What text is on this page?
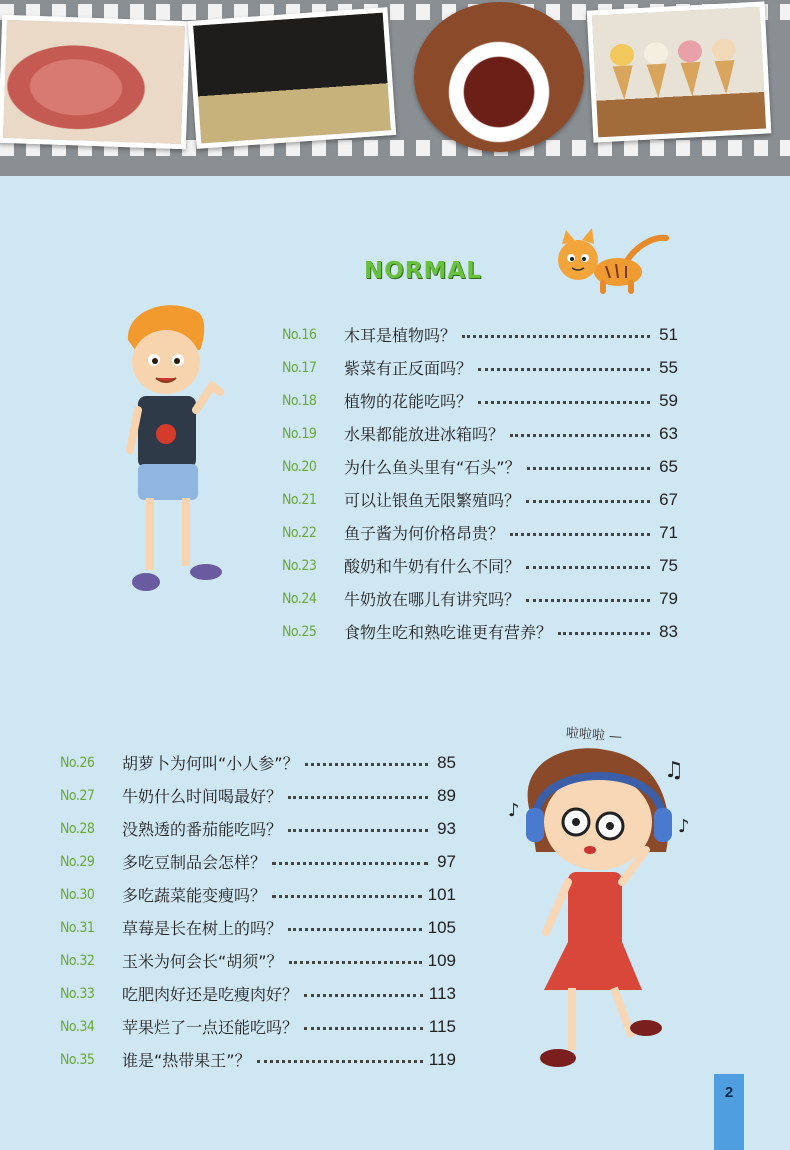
NORMAL
No.16	木耳是植物吗？	51
No.17	紫菜有正反面吗？	55
No.18	植物的花能吃吗？	59
No.19	水果都能放进冰箱吗？	63
No.20	为什么鱼头里有“石头”？	65
No.21	可以让银鱼无限繁殖吗？	67
No.22	鱼子酱为何价格昂贵？	71
No.23	酸奶和牛奶有什么不同？	75
No.24	牛奶放在哪儿有讲究吗？	79
No.25	食物生吃和熟吃谁更有营养？	83
No.26	胡萝卜为何叫“小人参”？	85
No.27	牛奶什么时间喝最好？	89
No.28	没熟透的番茄能吃吗？	93
No.29	多吃豆制品会怎样？	97
No.30	多吃蔬菜能变瘦吗？	101
No.31	草莓是长在树上的吗？	105
No.32	玉米为何会长“胡须”？	109
No.33	吃肥肉好还是吃瘦肉好？	113
No.34	苹果烂了一点还能吃吗？	115
No.35	谁是“热带果王”？	119
啦啦啦 —
♫
♪
♪
2
